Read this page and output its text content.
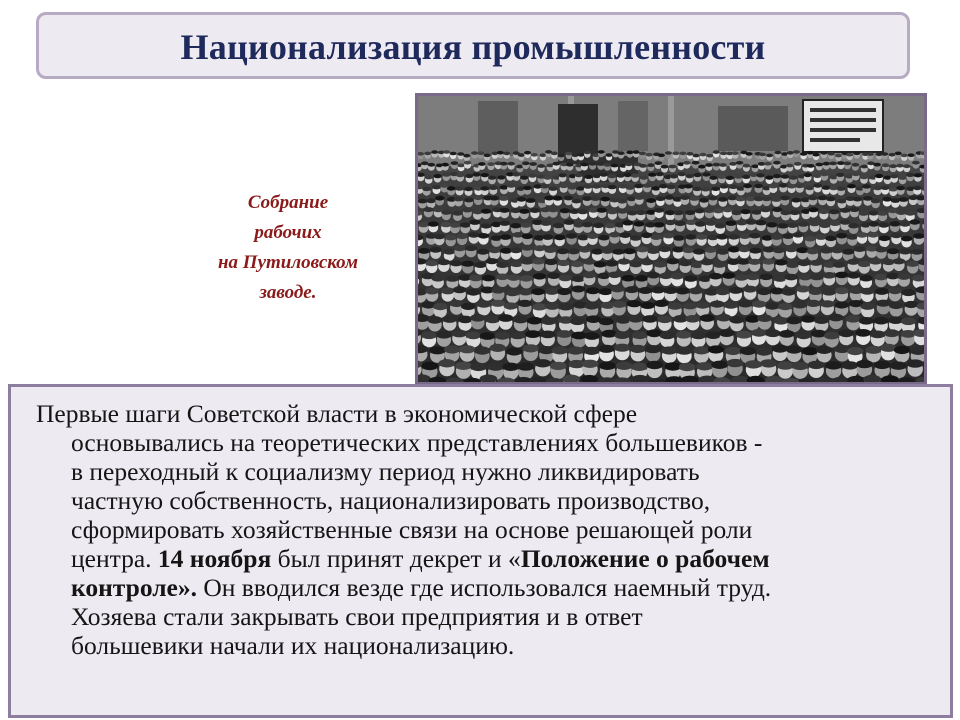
Национализация промышленности
Собрание
рабочих
на Путиловском
заводе.
Первые шаги Советской власти в экономической сфере
основывались на теоретических представлениях большевиков -
в переходный к социализму период нужно ликвидировать
частную собственность, национализировать производство,
сформировать хозяйственные связи на основе решающей роли
центра. 14 ноября был принят декрет и «Положение о рабочем
контроле». Он вводился везде где использовался наемный труд.
Хозяева стали закрывать свои предприятия и в ответ
большевики начали их национализацию.
